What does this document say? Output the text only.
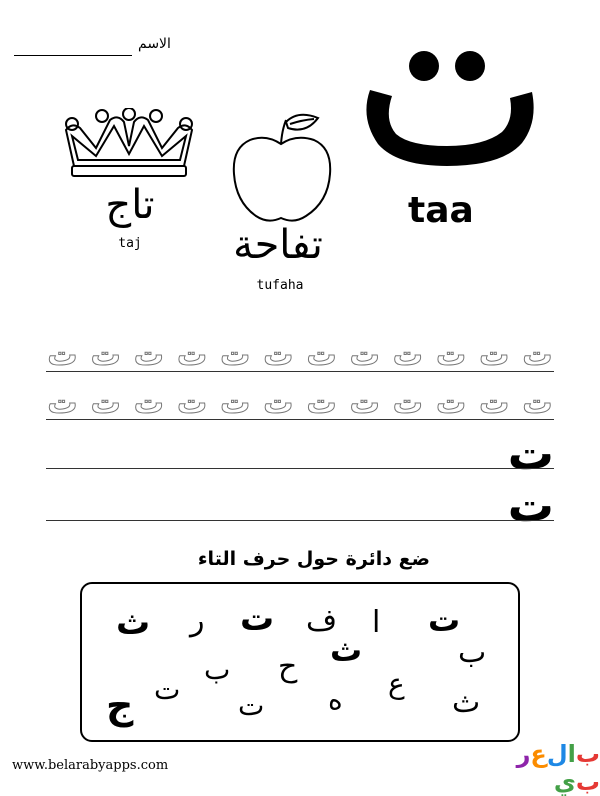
الاسم
taa
تاج
taj	تفاحة
tufaha
ت ت ت ت ت ت ت ت ت ت ت ت
ت ت ت ت ت ت ت ت ت ت ت ت
ت
ت
ضع دائرة حول حرف التاء
ت
ا
ف
ت
ر
ث
ث	ب
ح
ب	ع
ت	ه
ت
ج	ث
www.belarabyapps.com	بالعربي
